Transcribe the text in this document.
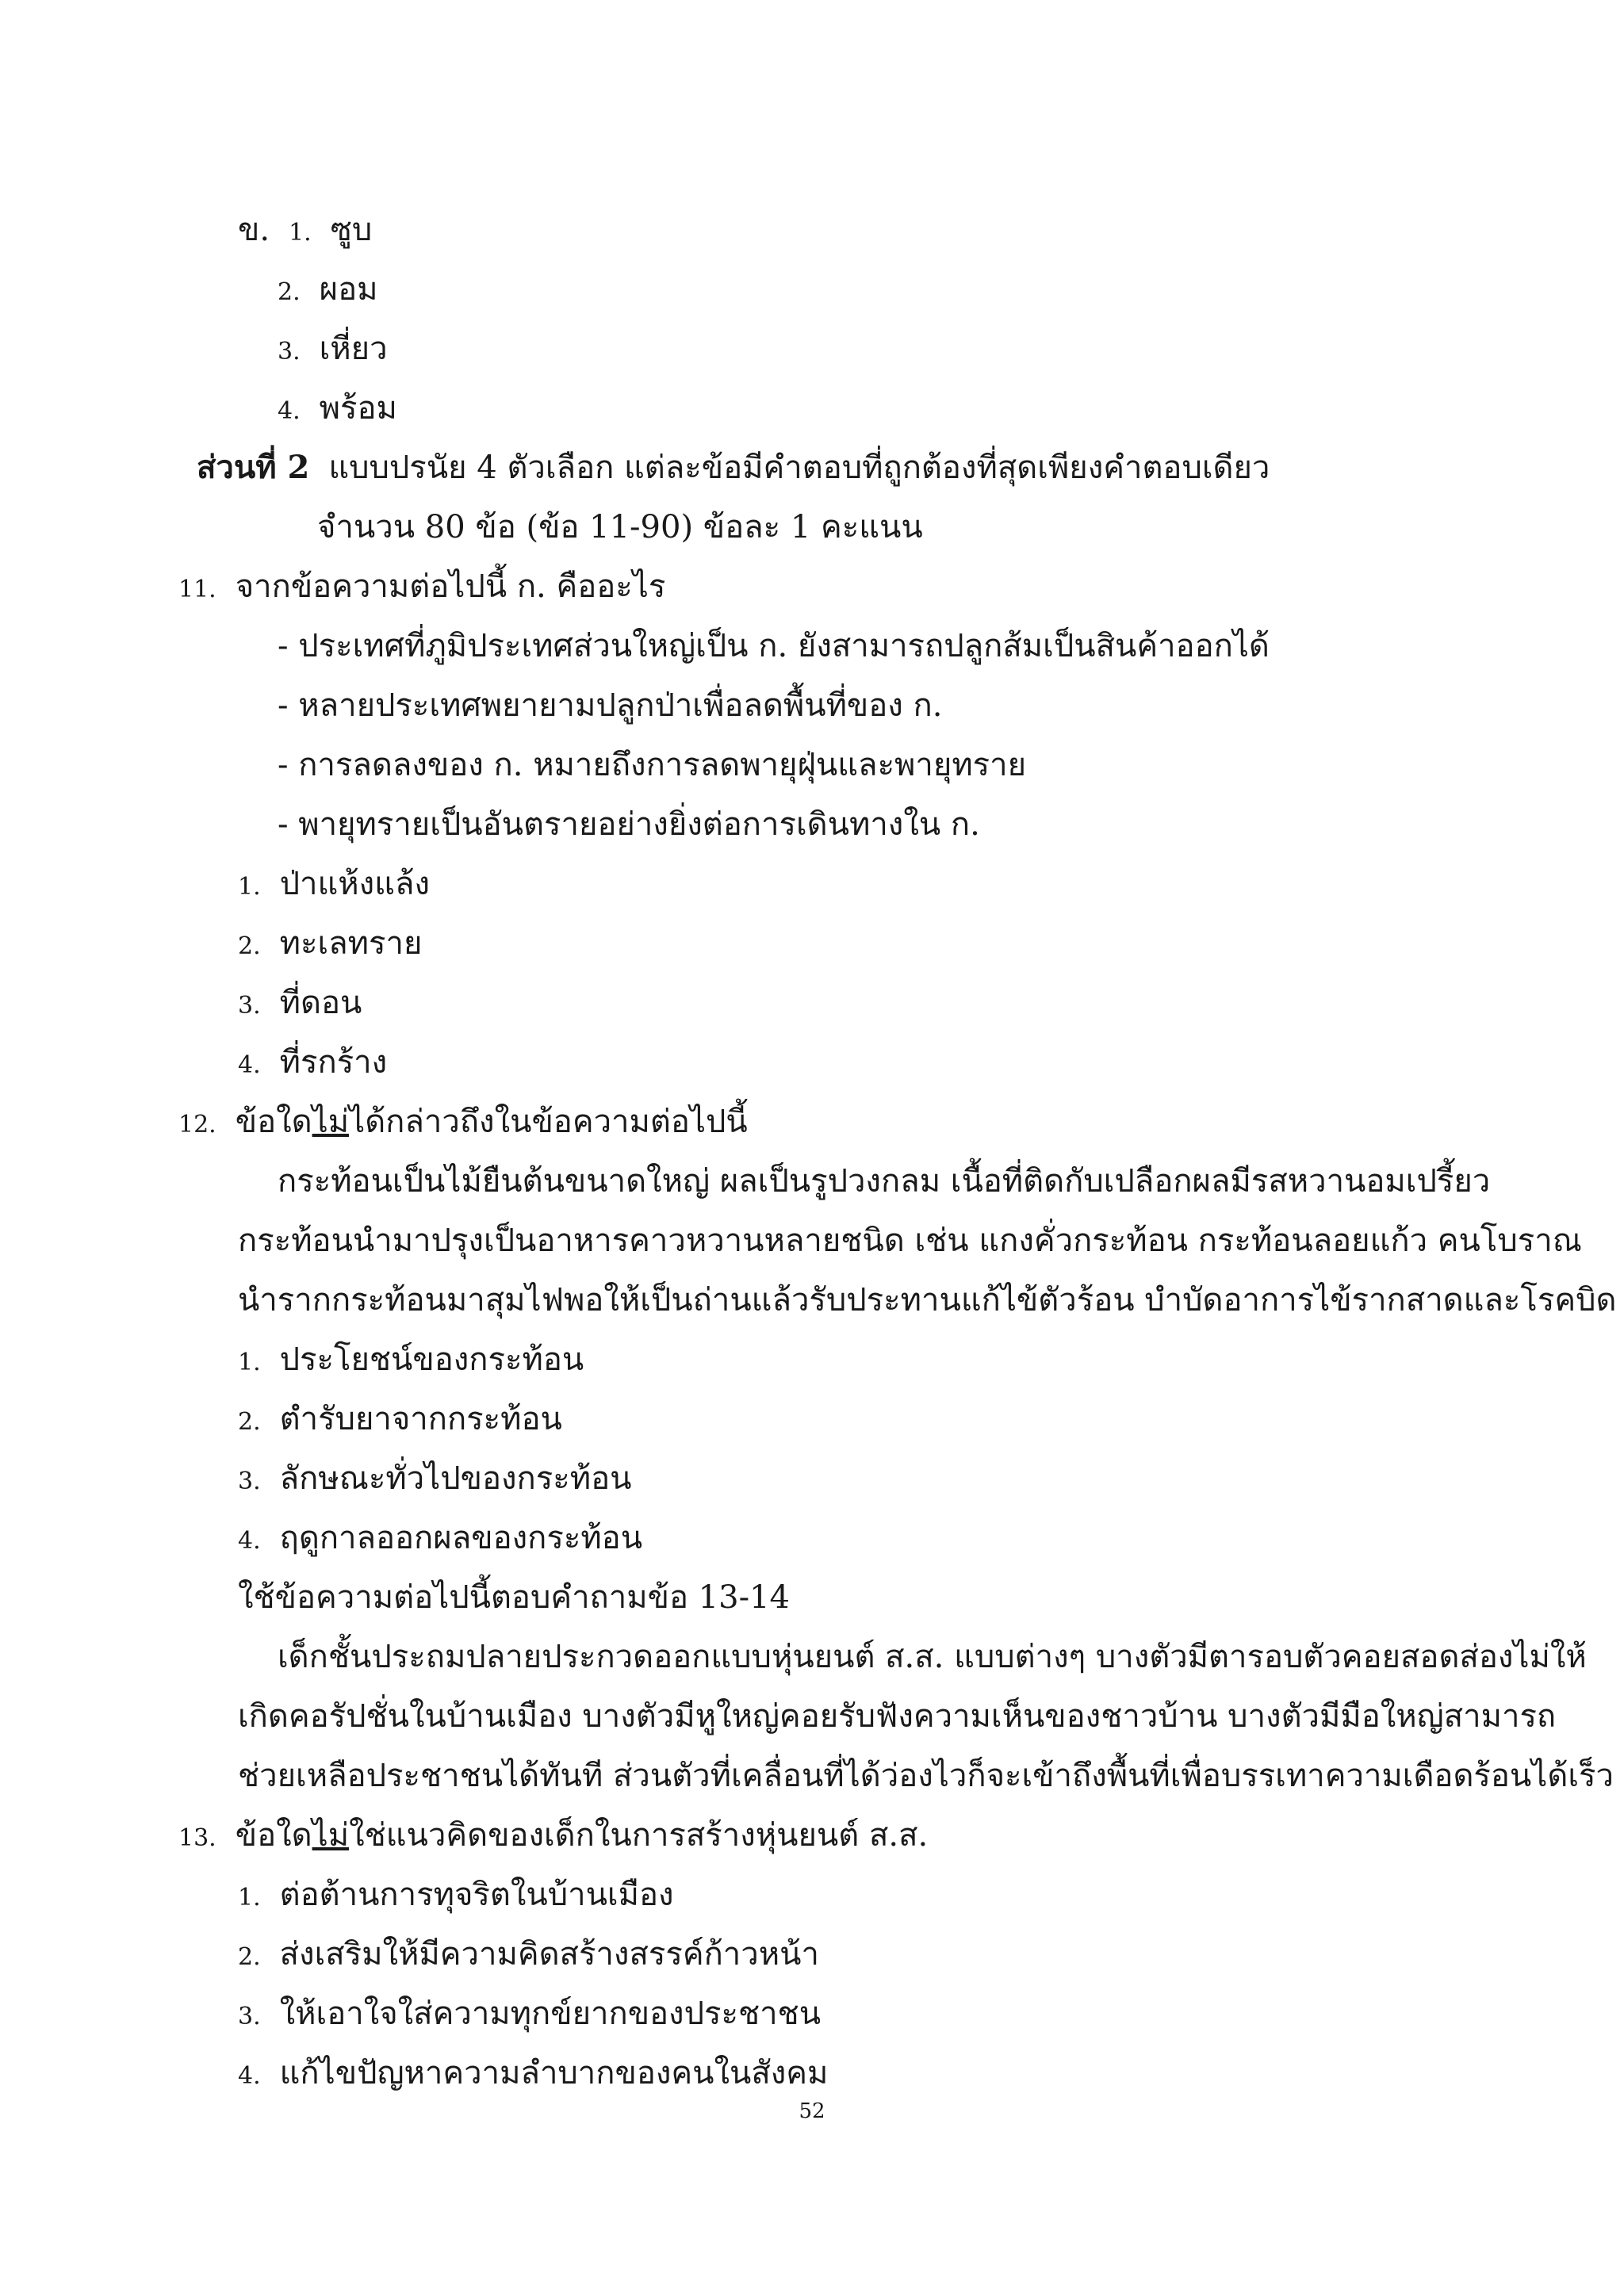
ข. 1. ซูบ
2. ผอม
3. เหี่ยว
4. พร้อม
ส่วนที่ 2 แบบปรนัย 4 ตัวเลือก แต่ละข้อมีคำตอบที่ถูกต้องที่สุดเพียงคำตอบเดียว
จำนวน 80 ข้อ (ข้อ 11-90) ข้อละ 1 คะแนน
11. จากข้อความต่อไปนี้ ก. คืออะไร
- ประเทศที่ภูมิประเทศส่วนใหญ่เป็น ก. ยังสามารถปลูกส้มเป็นสินค้าออกได้
- หลายประเทศพยายามปลูกป่าเพื่อลดพื้นที่ของ ก.
- การลดลงของ ก. หมายถึงการลดพายุฝุ่นและพายุทราย
- พายุทรายเป็นอันตรายอย่างยิ่งต่อการเดินทางใน ก.
1. ป่าแห้งแล้ง
2. ทะเลทราย
3. ที่ดอน
4. ที่รกร้าง
12. ข้อใดไม่ได้กล่าวถึงในข้อความต่อไปนี้
กระท้อนเป็นไม้ยืนต้นขนาดใหญ่ ผลเป็นรูปวงกลม เนื้อที่ติดกับเปลือกผลมีรสหวานอมเปรี้ยว
กระท้อนนำมาปรุงเป็นอาหารคาวหวานหลายชนิด เช่น แกงคั่วกระท้อน กระท้อนลอยแก้ว คนโบราณ
นำรากกระท้อนมาสุมไฟพอให้เป็นถ่านแล้วรับประทานแก้ไข้ตัวร้อน บำบัดอาการไข้รากสาดและโรคบิด
1. ประโยชน์ของกระท้อน
2. ตำรับยาจากกระท้อน
3. ลักษณะทั่วไปของกระท้อน
4. ฤดูกาลออกผลของกระท้อน
ใช้ข้อความต่อไปนี้ตอบคำถามข้อ 13-14
เด็กชั้นประถมปลายประกวดออกแบบหุ่นยนต์ ส.ส. แบบต่างๆ บางตัวมีตารอบตัวคอยสอดส่องไม่ให้
เกิดคอรัปชั่นในบ้านเมือง บางตัวมีหูใหญ่คอยรับฟังความเห็นของชาวบ้าน บางตัวมีมือใหญ่สามารถ
ช่วยเหลือประชาชนได้ทันที ส่วนตัวที่เคลื่อนที่ได้ว่องไวก็จะเข้าถึงพื้นที่เพื่อบรรเทาความเดือดร้อนได้เร็ว
13. ข้อใดไม่ใช่แนวคิดของเด็กในการสร้างหุ่นยนต์ ส.ส.
1. ต่อต้านการทุจริตในบ้านเมือง
2. ส่งเสริมให้มีความคิดสร้างสรรค์ก้าวหน้า
3. ให้เอาใจใส่ความทุกข์ยากของประชาชน
4. แก้ไขปัญหาความลำบากของคนในสังคม
52
